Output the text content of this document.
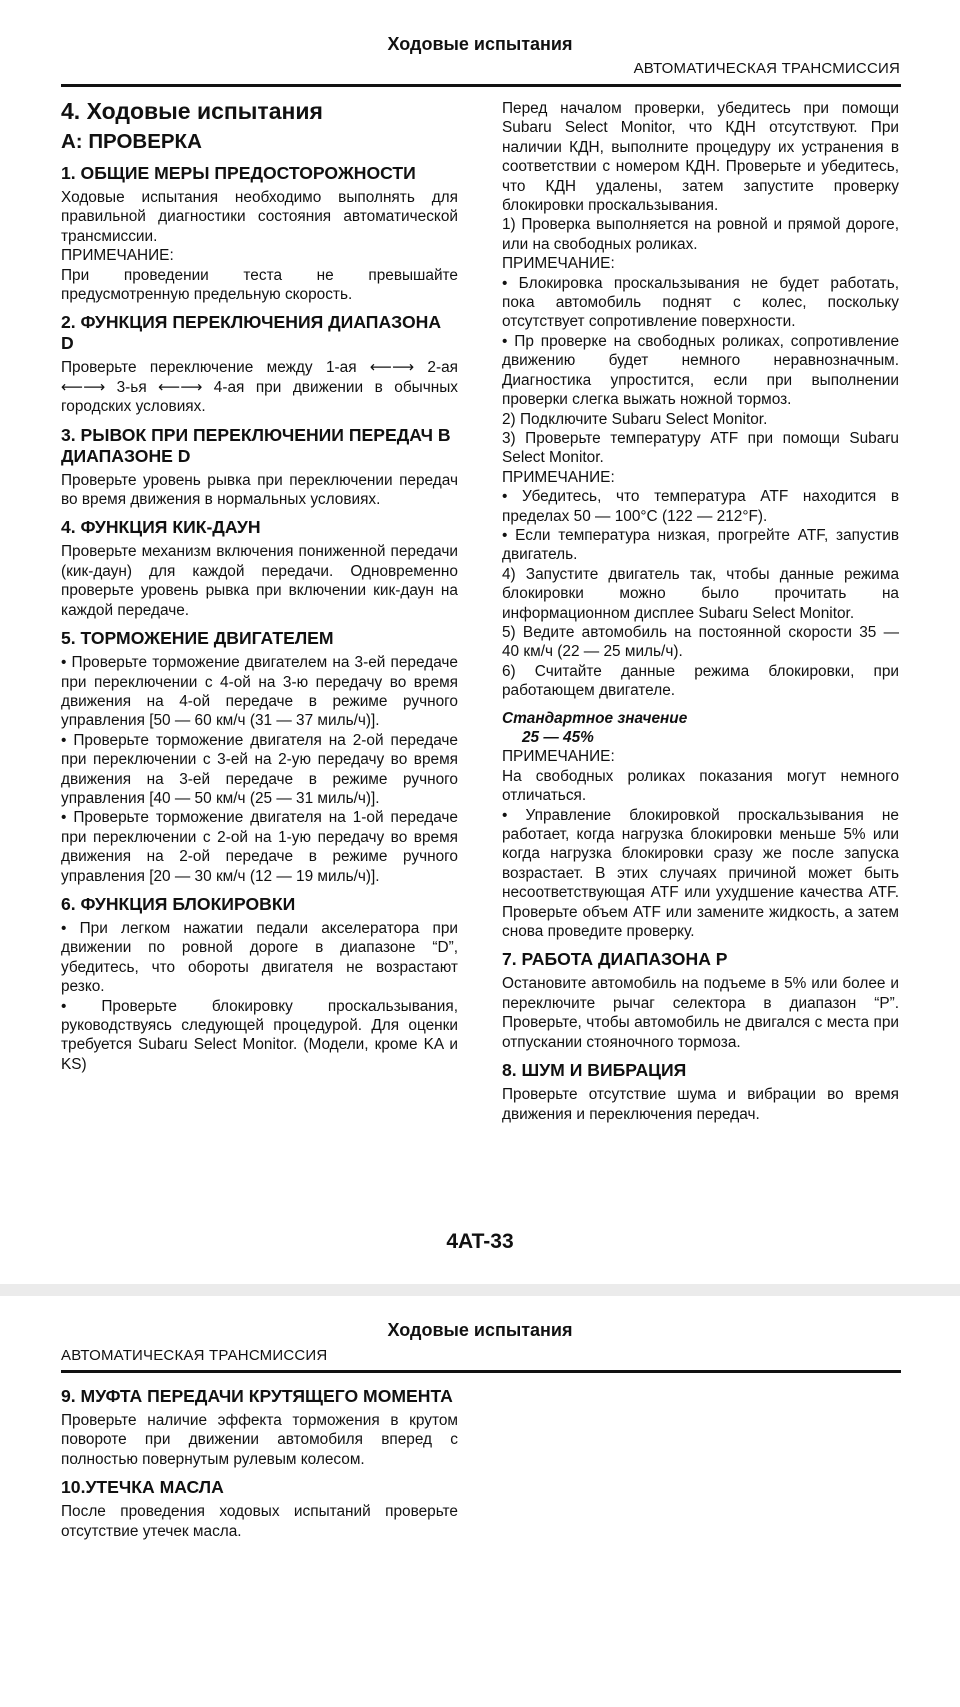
Ходовые испытания
АВТОМАТИЧЕСКАЯ ТРАНСМИССИЯ
4. Ходовые испытания
A: ПРОВЕРКА
1. ОБЩИЕ МЕРЫ ПРЕДОСТОРОЖНОСТИ

Ходовые испытания необходимо выполнять для правильной диагностики состояния автоматической трансмиссии.

ПРИМЕЧАНИЕ:

При проведении теста не превышайте предусмотренную предельную скорость.

2. ФУНКЦИЯ ПЕРЕКЛЮЧЕНИЯ ДИАПАЗОНА D

Проверьте переключение между 1-ая ⟵⟶ 2-ая ⟵⟶ 3-ья ⟵⟶ 4-ая при движении в обычных городских условиях.

3. РЫВОК ПРИ ПЕРЕКЛЮЧЕНИИ ПЕРЕДАЧ В ДИАПАЗОНЕ D

Проверьте уровень рывка при переключении передач во время движения в нормальных условиях.

4. ФУНКЦИЯ КИК-ДАУН

Проверьте механизм включения пониженной передачи (кик-даун) для каждой передачи. Одновременно проверьте уровень рывка при включении кик-даун на каждой передаче.

5. ТОРМОЖЕНИЕ ДВИГАТЕЛЕМ

• Проверьте торможение двигателем на 3-ей передаче при переключении с 4-ой на 3-ю передачу во время движения на 4-ой передаче в режиме ручного управления [50 — 60 км/ч (31 — 37 миль/ч)].

• Проверьте торможение двигателя на 2-ой передаче при переключении с 3-ей на 2-ую передачу во время движения на 3-ей передаче в режиме ручного управления [40 — 50 км/ч (25 — 31 миль/ч)].

• Проверьте торможение двигателя на 1-ой передаче при переключении с 2-ой на 1-ую передачу во время движения на 2-ой передаче в режиме ручного управления [20 — 30 км/ч (12 — 19 миль/ч)].

6. ФУНКЦИЯ БЛОКИРОВКИ

• При легком нажатии педали акселератора при движении по ровной дороге в диапазоне “D”, убедитесь, что обороты двигателя не возрастают резко.

• Проверьте блокировку проскальзывания, руководствуясь следующей процедурой. Для оценки требуется Subaru Select Monitor. (Модели, кроме KA и KS)

Перед началом проверки, убедитесь при помощи Subaru Select Monitor, что КДН отсутствуют. При наличии КДН, выполните процедуру их устранения в соответствии с номером КДН. Проверьте и убедитесь, что КДН удалены, затем запустите проверку блокировки проскальзывания.

1) Проверка выполняется на ровной и прямой дороге, или на свободных роликах.

ПРИМЕЧАНИЕ:

• Блокировка проскальзывания не будет работать, пока автомобиль поднят с колес, поскольку отсутствует сопротивление поверхности.

• Пр проверке на свободных роликах, сопротивление движению будет немного неравнозначным. Диагностика упростится, если при выполнении проверки слегка выжать ножной тормоз.

2) Подключите Subaru Select Monitor.

3) Проверьте температуру ATF при помощи Subaru Select Monitor.

ПРИМЕЧАНИЕ:

• Убедитесь, что температура ATF находится в пределах 50 — 100°C (122 — 212°F).

• Если температура низкая, прогрейте ATF, запустив двигатель.

4) Запустите двигатель так, чтобы данные режима блокировки можно было прочитать на информационном дисплее Subaru Select Monitor.

5) Ведите автомобиль на постоянной скорости 35 — 40 км/ч (22 — 25 миль/ч).

6) Считайте данные режима блокировки, при работающем двигателе.

Стандартное значение
25 — 45%

ПРИМЕЧАНИЕ:

На свободных роликах показания могут немного отличаться.

• Управление блокировкой проскальзывания не работает, когда нагрузка блокировки меньше 5% или когда нагрузка блокировки сразу же после запуска возрастает. В этих случаях причиной может быть несоответствующая ATF или ухудшение качества ATF. Проверьте объем ATF или замените жидкость, а затем снова проведите проверку.

7. РАБОТА ДИАПАЗОНА P

Остановите автомобиль на подъеме в 5% или более и переключите рычаг селектора в диапазон “P”. Проверьте, чтобы автомобиль не двигался с места при отпускании стояночного тормоза.

8. ШУМ И ВИБРАЦИЯ

Проверьте отсутствие шума и вибрации во время движения и переключения передач.

4AT-33
Ходовые испытания
АВТОМАТИЧЕСКАЯ ТРАНСМИССИЯ
9. МУФТА ПЕРЕДАЧИ КРУТЯЩЕГО МОМЕНТА

Проверьте наличие эффекта торможения в крутом повороте при движении автомобиля вперед с полностью повернутым рулевым колесом.

10.УТЕЧКА МАСЛА

После проведения ходовых испытаний проверьте отсутствие утечек масла.
